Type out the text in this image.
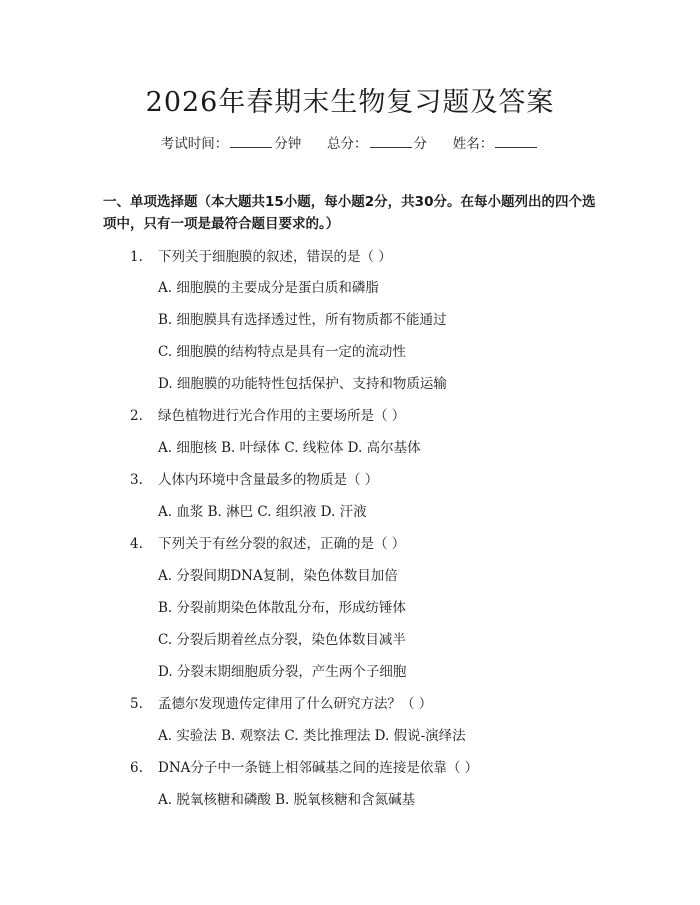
2026年春期末生物复习题及答案
考试时间：	分钟 总分：	分 姓名：
一、单项选择题（本大题共15小题，每小题2分，共30分。在每小题列出的四个选项中，只有一项是最符合题目要求的。）
1. 下列关于细胞膜的叙述，错误的是（ ）
A. 细胞膜的主要成分是蛋白质和磷脂
B. 细胞膜具有选择透过性，所有物质都不能通过
C. 细胞膜的结构特点是具有一定的流动性
D. 细胞膜的功能特性包括保护、支持和物质运输
2. 绿色植物进行光合作用的主要场所是（ ）
A. 细胞核 B. 叶绿体 C. 线粒体 D. 高尔基体
3. 人体内环境中含量最多的物质是（ ）
A. 血浆 B. 淋巴 C. 组织液 D. 汗液
4. 下列关于有丝分裂的叙述，正确的是（ ）
A. 分裂间期DNA复制，染色体数目加倍
B. 分裂前期染色体散乱分布，形成纺锤体
C. 分裂后期着丝点分裂，染色体数目减半
D. 分裂末期细胞质分裂，产生两个子细胞
5. 孟德尔发现遗传定律用了什么研究方法？（ ）
A. 实验法 B. 观察法 C. 类比推理法 D. 假说-演绎法
6. DNA分子中一条链上相邻碱基之间的连接是依靠（ ）
A. 脱氧核糖和磷酸 B. 脱氧核糖和含氮碱基
